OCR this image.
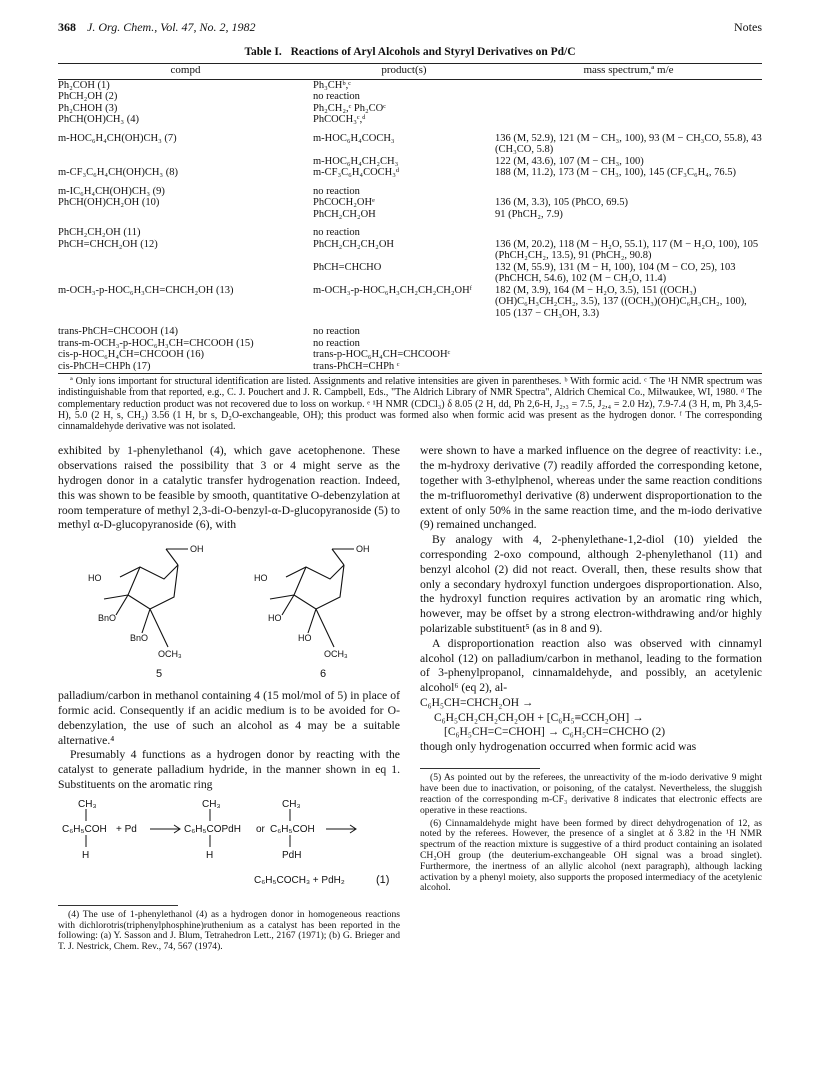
368 J. Org. Chem., Vol. 47, No. 2, 1982	Notes
Table I. Reactions of Aryl Alcohols and Styryl Derivatives on Pd/C
compd	product(s)	mass spectrum,ª m/e
Ph₂COH (1)	Ph₃CHᵇ,ᶜ	
PhCH₂OH (2)	no reaction	
Ph₂CHOH (3)	Ph₂CH₂,ᶜ Ph₂COᶜ	
PhCH(OH)CH₃ (4)	PhCOCH₃ᶜ,ᵈ	

m-HOC₆H₄CH(OH)CH₃ (7)	m-HOC₆H₄COCH₃	136 (M, 52.9), 121 (M − CH₃, 100), 93 (M − CH₃CO, 55.8), 43 (CH₃CO, 5.8)
	m-HOC₆H₄CH₂CH₃	122 (M, 43.6), 107 (M − CH₃, 100)
m-CF₃C₆H₄CH(OH)CH₃ (8)	m-CF₃C₆H₄COCH₃ᵈ	188 (M, 11.2), 173 (M − CH₃, 100), 145 (CF₃C₆H₄, 76.5)

m-IC₆H₄CH(OH)CH₃ (9)	no reaction	
PhCH(OH)CH₂OH (10)	PhCOCH₂OHᵉ	136 (M, 3.3), 105 (PhCO, 69.5)
	PhCH₂CH₂OH	91 (PhCH₂, 7.9)

PhCH₂CH₂OH (11)	no reaction	
PhCH=CHCH₂OH (12)	PhCH₂CH₂CH₂OH	136 (M, 20.2), 118 (M − H₂O, 55.1), 117 (M − H₂O, 100), 105 (PhCH₂CH₂, 13.5), 91 (PhCH₂, 90.8)
	PhCH=CHCHO	132 (M, 55.9), 131 (M − H, 100), 104 (M − CO, 25), 103 (PhCHCH, 54.6), 102 (M − CH₂O, 11.4)
m-OCH₃-p-HOC₆H₃CH=CHCH₂OH (13)	m-OCH₃-p-HOC₆H₃CH₂CH₂CH₂OHᶠ	182 (M, 3.9), 164 (M − H₂O, 3.5), 151 ((OCH₃)(OH)C₆H₃CH₂CH₂, 3.5), 137 ((OCH₃)(OH)C₆H₃CH₂, 100), 105 (137 − CH₃OH, 3.3)

trans-PhCH=CHCOOH (14)	no reaction	
trans-m-OCH₃-p-HOC₆H₃CH=CHCOOH (15)	no reaction	
cis-p-HOC₆H₄CH=CHCOOH (16)	trans-p-HOC₆H₄CH=CHCOOHᶜ	
cis-PhCH=CHPh (17)	trans-PhCH=CHPh ᶜ	

ª Only ions important for structural identification are listed. Assignments and relative intensities are given in parentheses. ᵇ With formic acid. ᶜ The ¹H NMR spectrum was indistinguishable from that reported, e.g., C. J. Pouchert and J. R. Campbell, Eds., "The Aldrich Library of NMR Spectra", Aldrich Chemical Co., Milwaukee, WI, 1980. ᵈ The complementary reduction product was not recovered due to loss on workup. ᵉ ¹H NMR (CDCl₃) δ 8.05 (2 H, dd, Ph 2,6-H, J₂,₃ = 7.5, J₂,₄ = 2.0 Hz), 7.9-7.4 (3 H, m, Ph 3,4,5-H), 5.0 (2 H, s, CH₂) 3.56 (1 H, br s, D₂O-exchangeable, OH); this product was formed also when formic acid was present as the hydrogen donor. ᶠ The corresponding cinnamaldehyde derivative was not isolated.

exhibited by 1-phenylethanol (4), which gave acetophenone. These observations raised the possibility that 3 or 4 might serve as the hydrogen donor in a catalytic transfer hydrogenation reaction. Indeed, this was shown to be feasible by smooth, quantitative O-debenzylation at room temperature of methyl 2,3-di-O-benzyl-α-D-glucopyranoside (5) to methyl α-D-glucopyranoside (6), with

OH
HO
BnO
BnO
OCH₃
OH
HO
HO
HO
OCH₃
5	6

palladium/carbon in methanol containing 4 (15 mol/mol of 5) in place of formic acid. Consequently if an acidic medium is to be avoided for O-debenzylation, the use of such an alcohol as 4 may be a suitable alternative.⁴

Presumably 4 functions as a hydrogen donor by reacting with the catalyst to generate palladium hydride, in the manner shown in eq 1. Substituents on the aromatic ring

CH₃
C₆H₅COH + Pd
H
CH₃
C₆H₅COPdH or
H
CH₃
C₆H₅COH
PdH
C₆H₅COCH₃ + PdH₂	(1)

(4) The use of 1-phenylethanol (4) as a hydrogen donor in homogeneous reactions with dichlorotris(triphenylphosphine)ruthenium as a catalyst has been reported in the following: (a) Y. Sasson and J. Blum, Tetrahedron Lett., 2167 (1971); (b) G. Brieger and T. J. Nestrick, Chem. Rev., 74, 567 (1974).

were shown to have a marked influence on the degree of reactivity: i.e., the m-hydroxy derivative (7) readily afforded the corresponding ketone, together with 3-ethylphenol, whereas under the same reaction conditions the m-trifluoromethyl derivative (8) underwent disproportionation to the extent of only 50% in the same reaction time, and the m-iodo derivative (9) remained unchanged.

By analogy with 4, 2-phenylethane-1,2-diol (10) yielded the corresponding 2-oxo compound, although 2-phenylethanol (11) and benzyl alcohol (2) did not react. Overall, then, these results show that only a secondary hydroxyl function undergoes disproportionation. Also, the hydroxyl function requires activation by an aromatic ring which, however, may be offset by a strong electron-withdrawing and/or highly polarizable substituent⁵ (as in 8 and 9).

A disproportionation reaction also was observed with cinnamyl alcohol (12) on palladium/carbon in methanol, leading to the formation of 3-phenylpropanol, cinnamaldehyde, and possibly, an acetylenic alcohol⁶ (eq 2), al-

C₆H₅CH=CHCH₂OH →
C₆H₅CH₂CH₂CH₂OH + [C₆H₅≡CCH₂OH] →
[C₆H₅CH=C=CHOH] → C₆H₅CH=CHCHO (2)

though only hydrogenation occurred when formic acid was

(5) As pointed out by the referees, the unreactivity of the m-iodo derivative 9 might have been due to inactivation, or poisoning, of the catalyst. Nevertheless, the sluggish reaction of the corresponding m-CF₃ derivative 8 indicates that electronic effects are operative in these reactions.

(6) Cinnamaldehyde might have been formed by direct dehydrogenation of 12, as noted by the referees. However, the presence of a singlet at δ 3.82 in the ¹H NMR spectrum of the reaction mixture is suggestive of a third product containing an isolated CH₂OH group (the deuterium-exchangeable OH signal was a broad singlet). Furthermore, the inertness of an allylic alcohol (next paragraph), although lacking activation by a phenyl moiety, also supports the proposed intermediacy of the acetylenic alcohol.
